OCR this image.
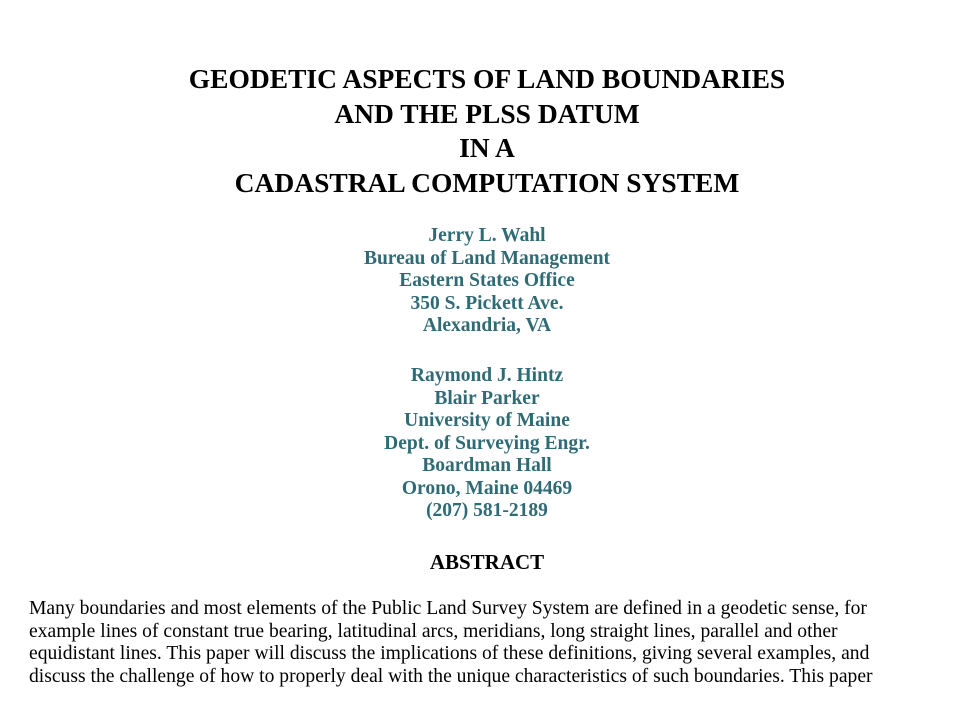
GEODETIC ASPECTS OF LAND BOUNDARIES
AND THE PLSS DATUM
IN A
CADASTRAL COMPUTATION SYSTEM
Jerry L. Wahl
Bureau of Land Management
Eastern States Office
350 S. Pickett Ave.
Alexandria, VA
Raymond J. Hintz
Blair Parker
University of Maine
Dept. of Surveying Engr.
Boardman Hall
Orono, Maine 04469
(207) 581-2189
ABSTRACT
Many boundaries and most elements of the Public Land Survey System are defined in a geodetic sense, for
example lines of constant true bearing, latitudinal arcs, meridians, long straight lines, parallel and other
equidistant lines. This paper will discuss the implications of these definitions, giving several examples, and
discuss the challenge of how to properly deal with the unique characteristics of such boundaries. This paper
